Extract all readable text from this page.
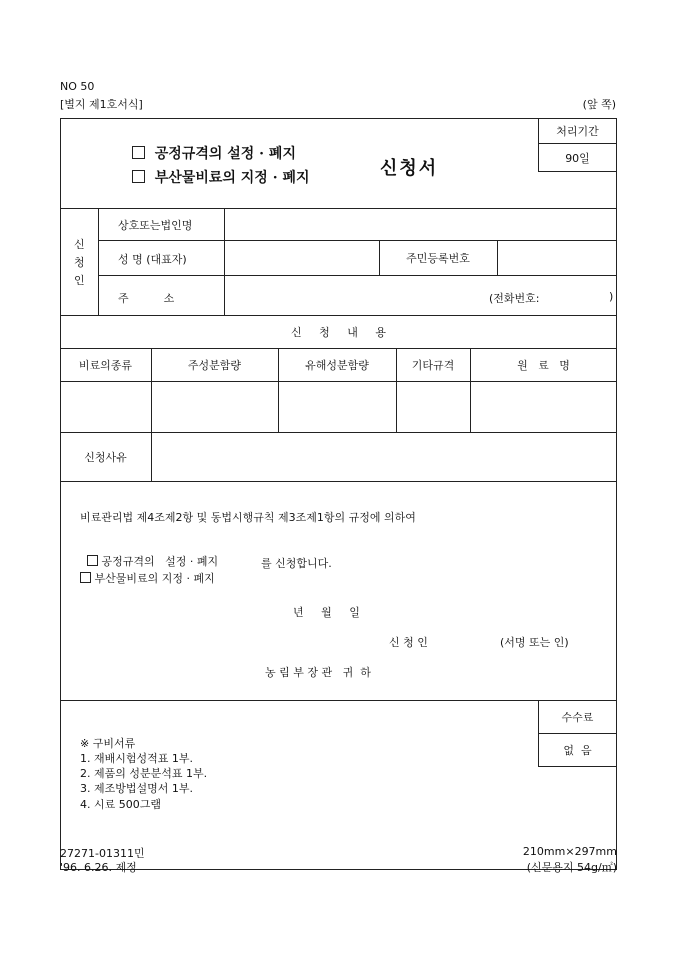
NO 50
[별지 제1호서식]	(앞 쪽)
공정규격의 설정 · 폐지
부산물비료의 지정 · 폐지	신청서
처리기간
90일
신
청
인
상호또는법인명
성 명 (대표자)	주민등록번호
주          소	(전화번호:	)
신     청     내     용
비료의종류	주성분함량	유해성분함량	기타규격	원   료   명
신청사유
비료관리법 제4조제2항 및 동법시행규칙 제3조제1항의 규정에 의하여

공정규격의   설정 · 폐지	를 신청합니다.
부산물비료의 지정 · 폐지
년     월     일
신 청 인	(서명 또는 인)
농 림 부 장 관   귀  하
수수료
없  음
※ 구비서류
1. 재배시험성적표 1부.
2. 제품의 성분분석표 1부.
3. 제조방법설명서 1부.
4. 시료 500그램
27271-01311민
'96. 6.26. 제정
210mm×297mm
(신문용지 54g/㎡)
